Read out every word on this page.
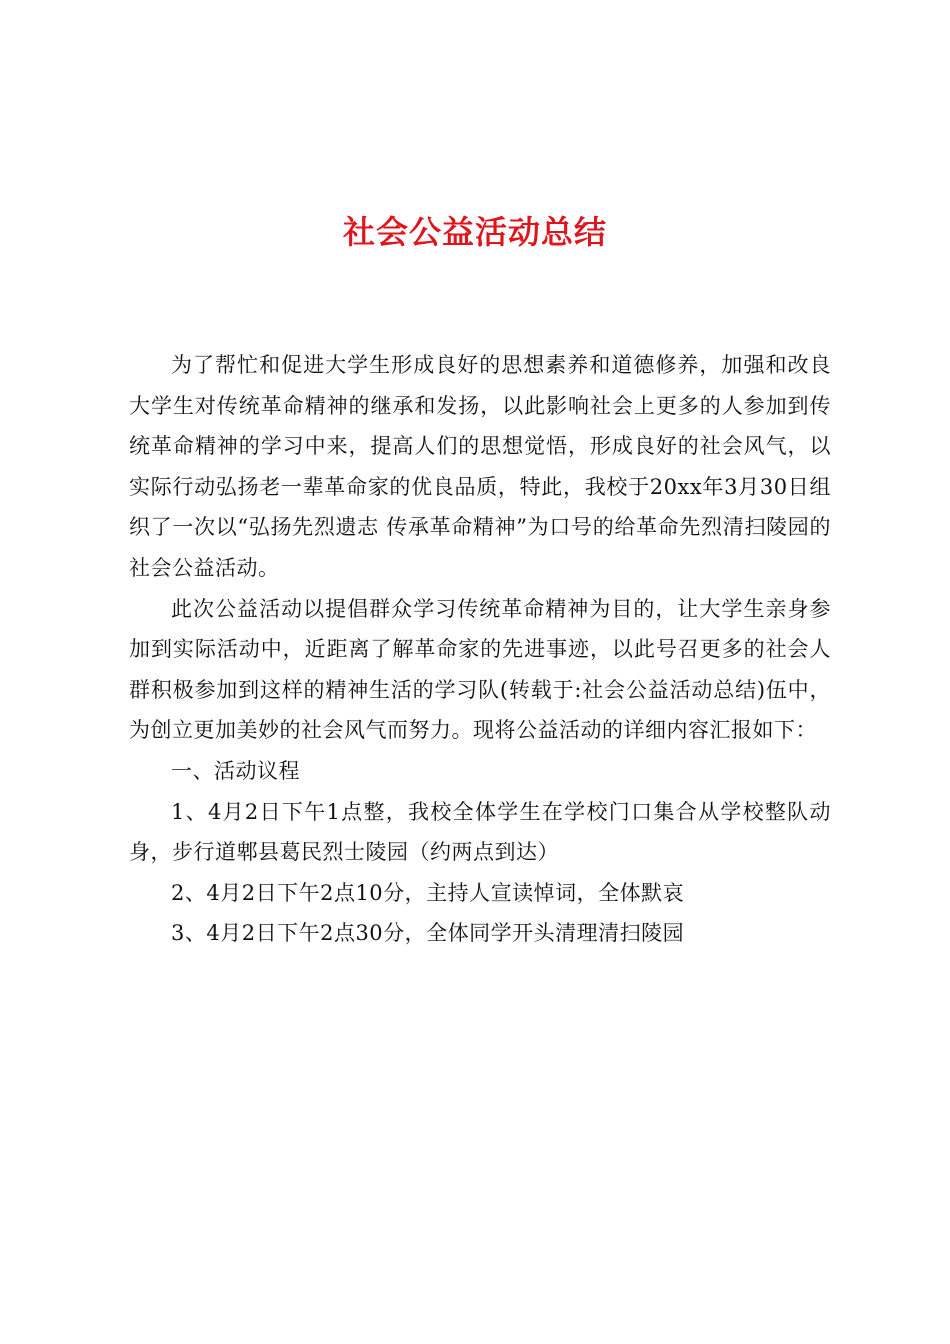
社会公益活动总结

为了帮忙和促进大学生形成良好的思想素养和道德修养，加强和改良大学生对传统革命精神的继承和发扬，以此影响社会上更多的人参加到传统革命精神的学习中来，提高人们的思想觉悟，形成良好的社会风气，以实际行动弘扬老一辈革命家的优良品质，特此，我校于20xx年3月30日组织了一次以“弘扬先烈遗志 传承革命精神”为口号的给革命先烈清扫陵园的社会公益活动。

此次公益活动以提倡群众学习传统革命精神为目的，让大学生亲身参加到实际活动中，近距离了解革命家的先进事迹，以此号召更多的社会人群积极参加到这样的精神生活的学习队(转载于:社会公益活动总结)伍中，为创立更加美妙的社会风气而努力。现将公益活动的详细内容汇报如下：

一、活动议程

1、4月2日下午1点整，我校全体学生在学校门口集合从学校整队动身，步行道郫县葛民烈士陵园（约两点到达）

2、4月2日下午2点10分，主持人宣读悼词，全体默哀

3、4月2日下午2点30分，全体同学开头清理清扫陵园
